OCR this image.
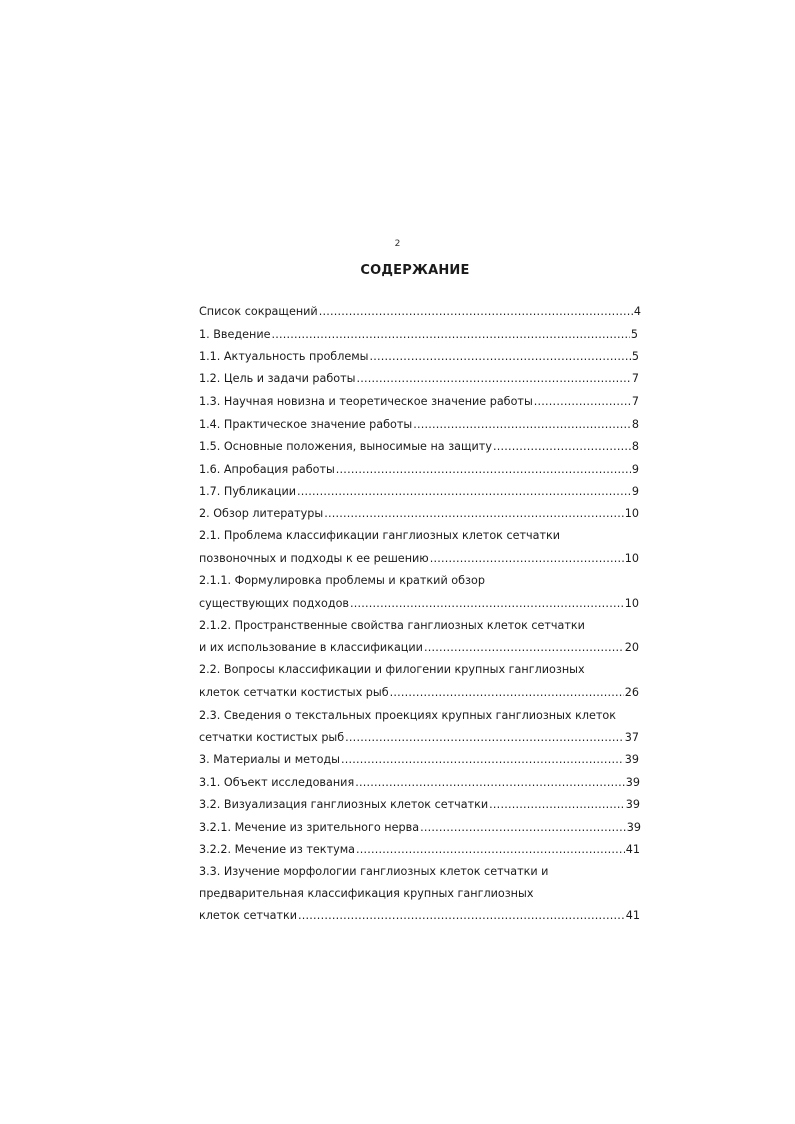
2
СОДЕРЖАНИЕ
Список сокращений .....	4
1. Введение .....	5
1.1. Актуальность проблемы .....	5
1.2. Цель и задачи работы .....	7
1.3. Научная новизна и теоретическое значение работы .....	7
1.4. Практическое значение работы .....	8
1.5. Основные положения, выносимые на защиту .....	8
1.6. Апробация работы .....	9
1.7. Публикации .....	9
2. Обзор литературы .....	10
2.1. Проблема классификации ганглиозных клеток сетчатки
позвоночных и подходы к ее решению .....	10
2.1.1. Формулировка проблемы и краткий обзор
существующих подходов .....	10
2.1.2. Пространственные свойства ганглиозных клеток сетчатки
и их использование в классификации .....	20
2.2. Вопросы классификации и филогении крупных ганглиозных
клеток сетчатки костистых рыб .....	26
2.3. Сведения о текстальных проекциях крупных ганглиозных клеток
сетчатки костистых рыб .....	37
3. Материалы и методы .....	39
3.1. Объект исследования .....	39
3.2. Визуализация ганглиозных клеток сетчатки .....	39
3.2.1. Мечение из зрительного нерва .....	39
3.2.2. Мечение из тектума .....	41
3.3. Изучение морфологии ганглиозных клеток сетчатки и
предварительная классификация крупных ганглиозных
клеток сетчатки .....	41
